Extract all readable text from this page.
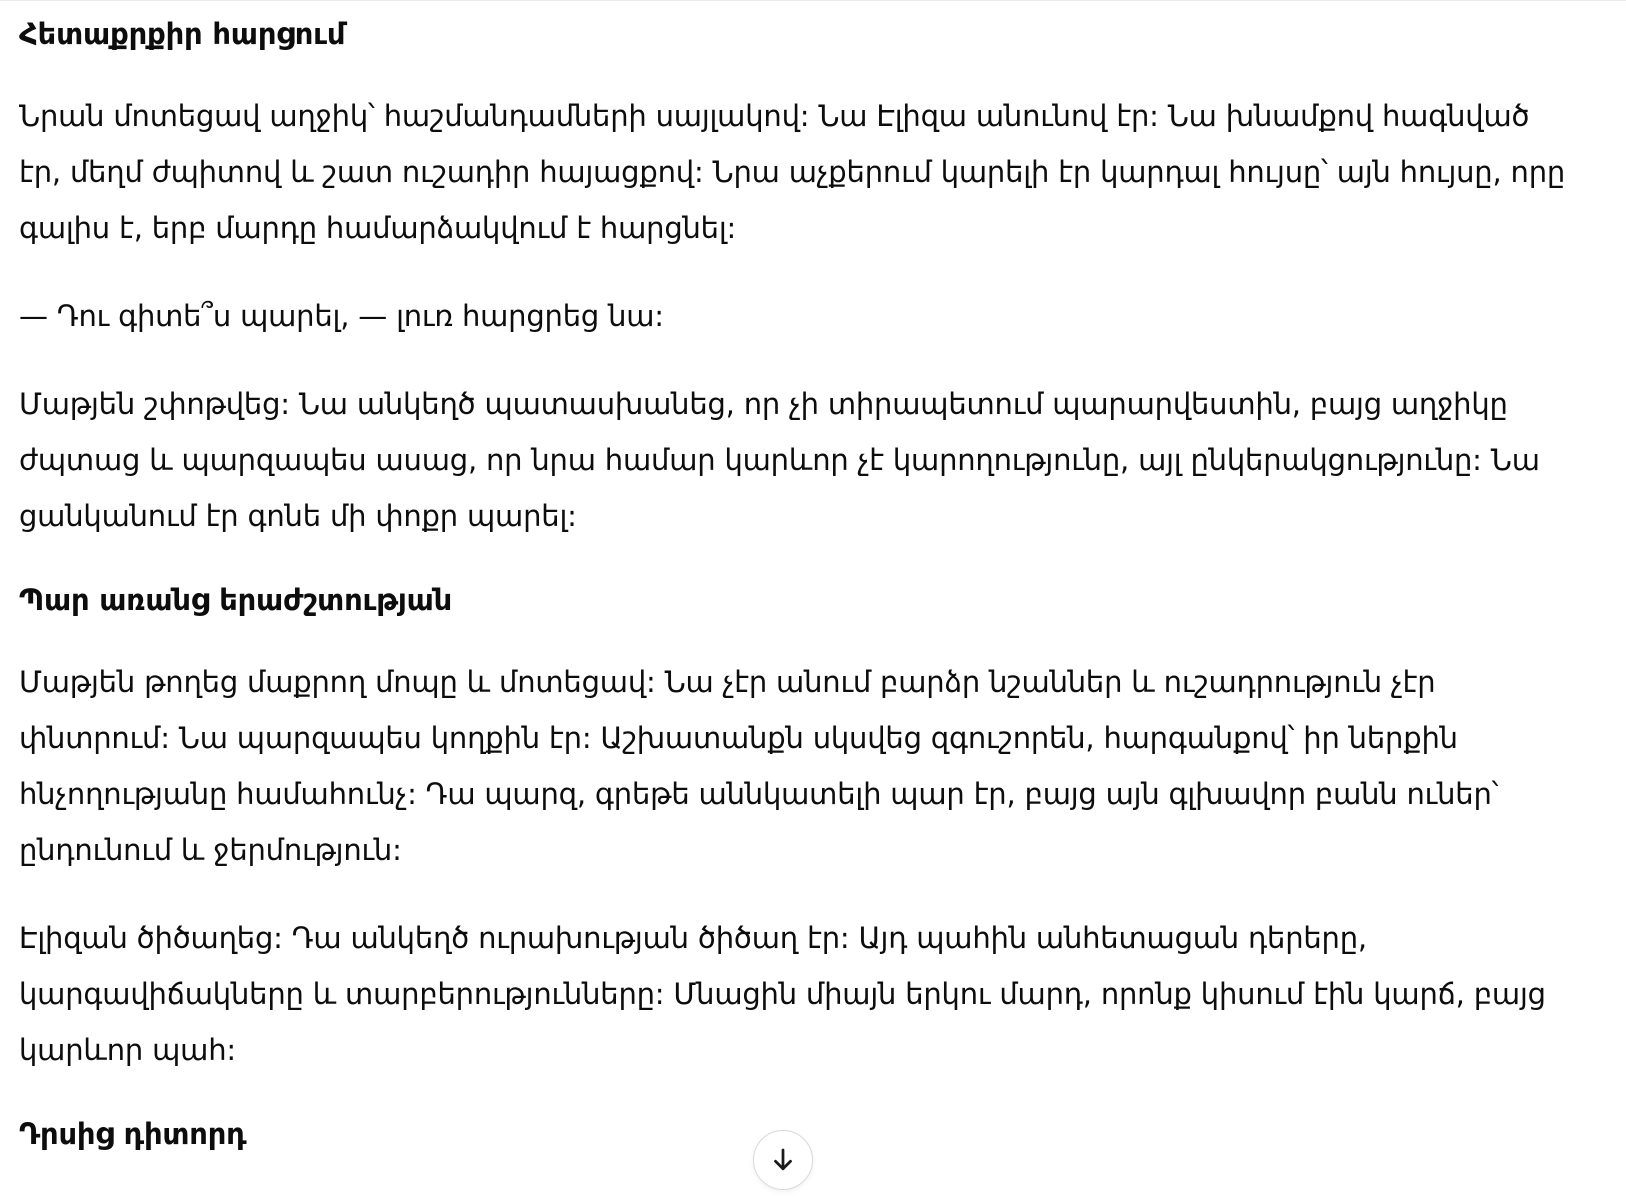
Հետաքրքիր հարցում

Նրան մոտեցավ աղջիկ՝ հաշմանդամների սայլակով: Նա Էլիզա անունով էր: Նա խնամքով հագնված էր, մեղմ ժպիտով և շատ ուշադիր հայացքով: Նրա աչքերում կարելի էր կարդալ հույսը՝ այն հույսը, որը գալիս է, երբ մարդը համարձակվում է հարցնել:

— Դու գիտե՞ս պարել, — լուռ հարցրեց նա:

Մաթյեն շփոթվեց: Նա անկեղծ պատասխանեց, որ չի տիրապետում պարարվեստին, բայց աղջիկը ժպտաց և պարզապես ասաց, որ նրա համար կարևոր չէ կարողությունը, այլ ընկերակցությունը: Նա ցանկանում էր գոնե մի փոքր պարել:

Պար առանց երաժշտության

Մաթյեն թողեց մաքրող մոպը և մոտեցավ: Նա չէր անում բարձր նշաններ և ուշադրություն չէր փնտրում: Նա պարզապես կողքին էր: Աշխատանքն սկսվեց զգուշորեն, հարգանքով՝ իր ներքին հնչողությանը համահունչ: Դա պարզ, գրեթե աննկատելի պար էր, բայց այն գլխավոր բանն ուներ՝ ընդունում և ջերմություն:

Էլիզան ծիծաղեց: Դա անկեղծ ուրախության ծիծաղ էր: Այդ պահին անհետացան դերերը, կարգավիճակները և տարբերությունները: Մնացին միայն երկու մարդ, որոնք կիսում էին կարճ, բայց կարևոր պահ:

Դրսից դիտորդ
